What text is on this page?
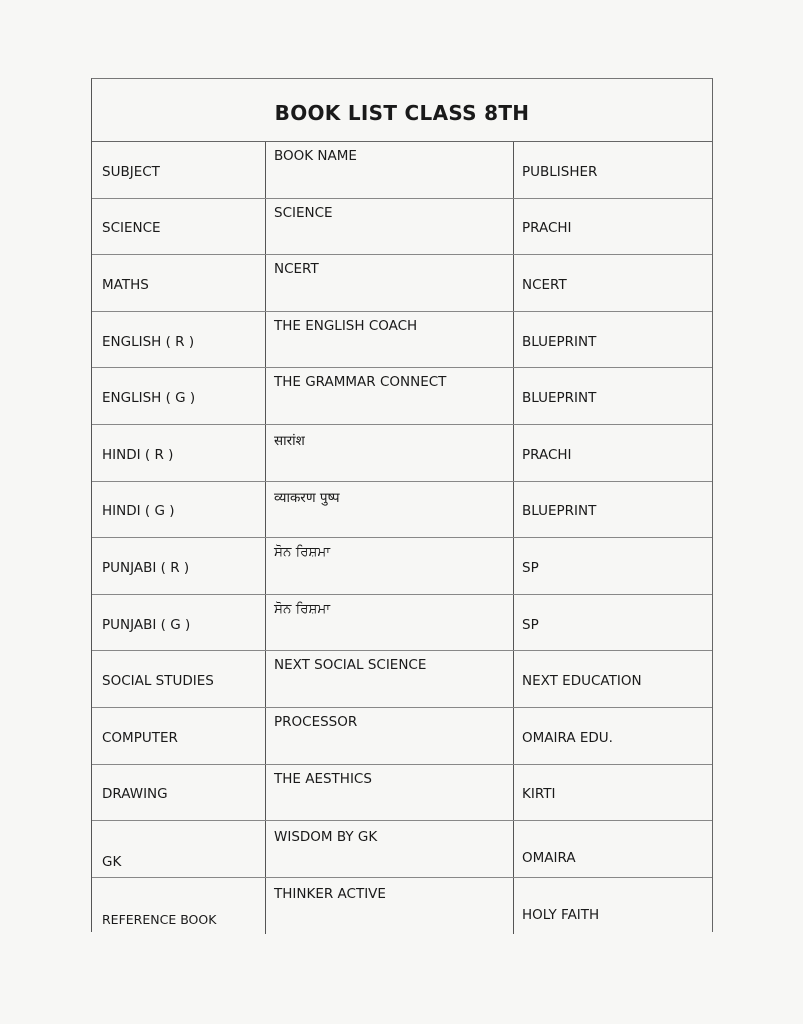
BOOK LIST CLASS 8TH
SUBJECT
BOOK NAME
PUBLISHER
SCIENCE
SCIENCE
PRACHI
MATHS
NCERT
NCERT
ENGLISH ( R )
THE ENGLISH COACH
BLUEPRINT
ENGLISH ( G )
THE GRAMMAR CONNECT
BLUEPRINT
HINDI ( R )
सारांश
PRACHI
HINDI ( G )
व्याकरण पुष्प
BLUEPRINT
PUNJABI ( R )
ਸੋਨ ਰਿਸ਼ਮਾ
SP
PUNJABI ( G )
ਸੋਨ ਰਿਸ਼ਮਾ
SP
SOCIAL STUDIES
NEXT SOCIAL SCIENCE
NEXT EDUCATION
COMPUTER
PROCESSOR
OMAIRA EDU.
DRAWING
THE AESTHICS
KIRTI
GK
WISDOM BY GK
OMAIRA
REFERENCE BOOK
THINKER ACTIVE
HOLY FAITH
